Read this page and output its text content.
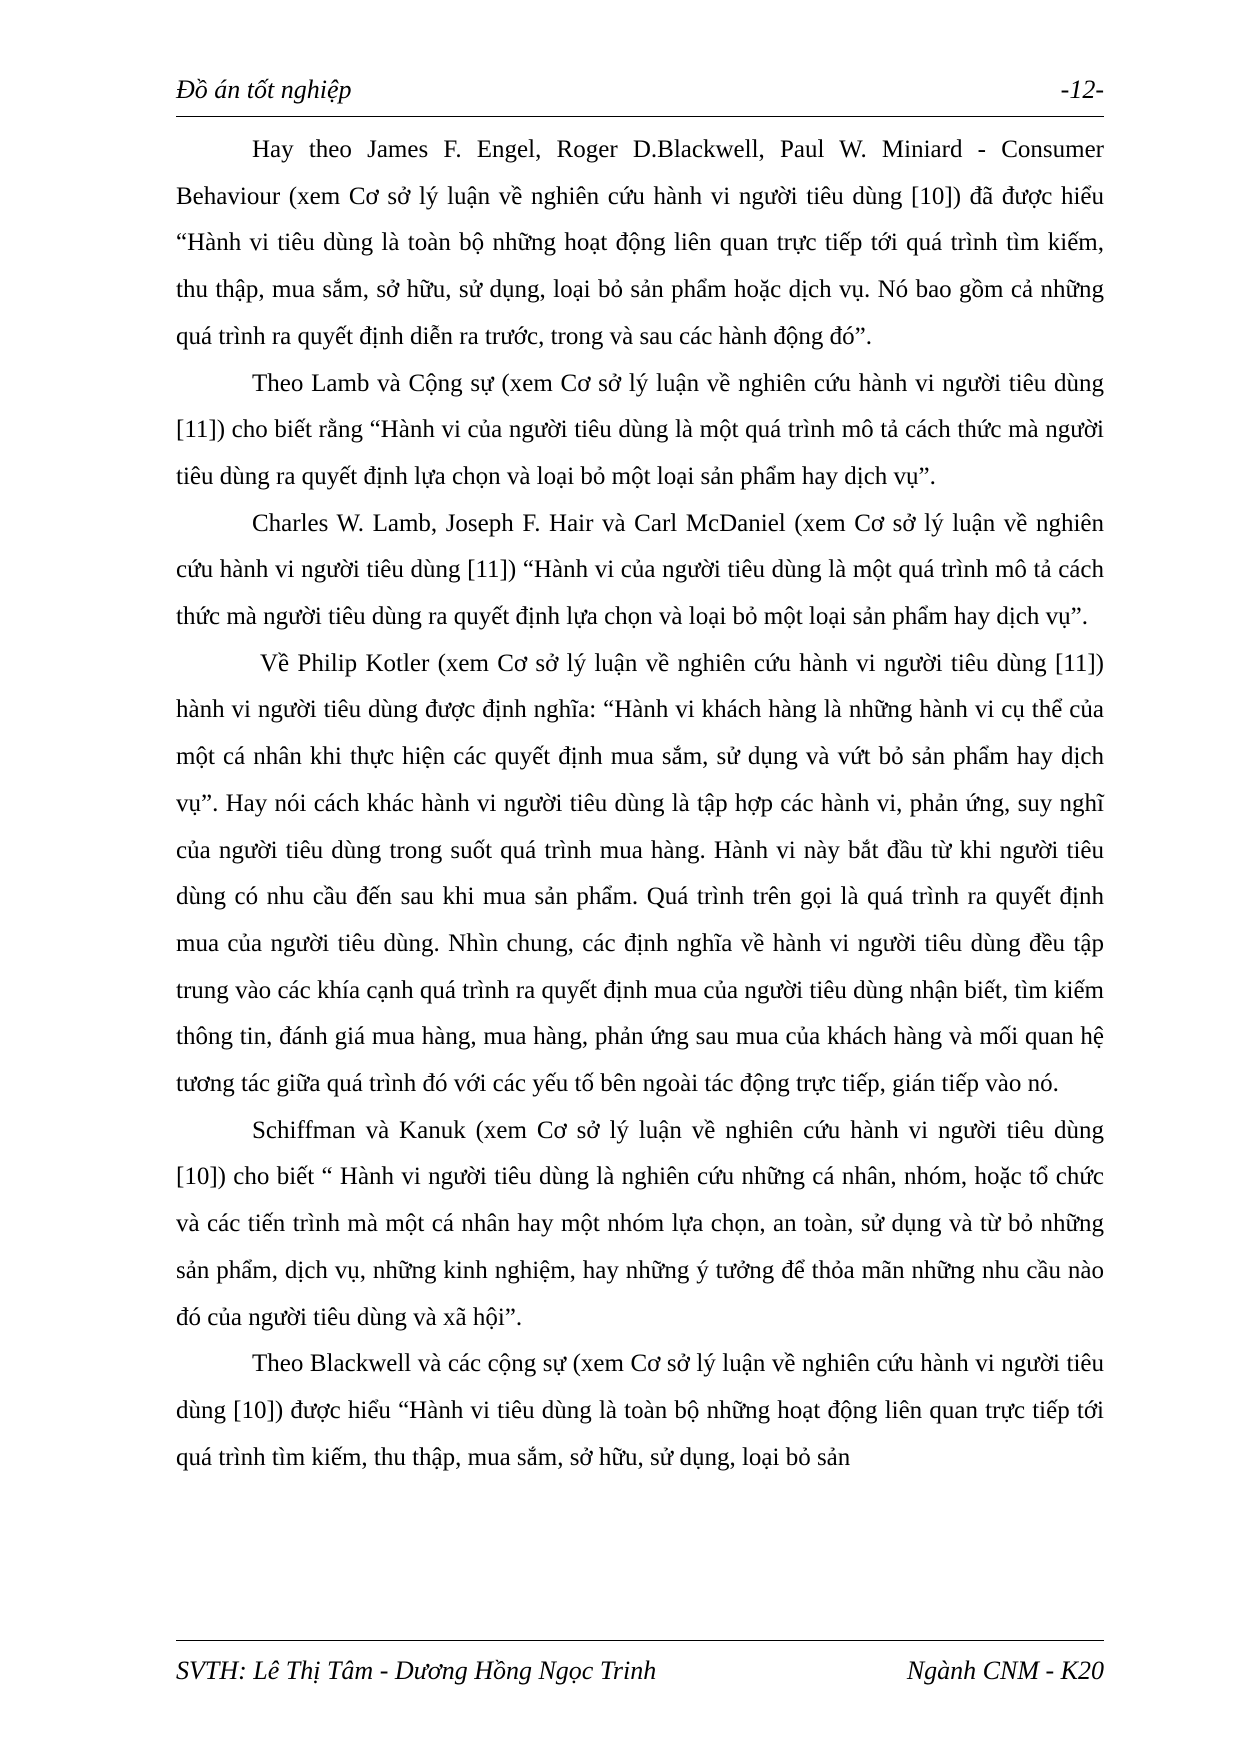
Đồ án tốt nghiệp	-12-

Hay theo James F. Engel, Roger D.Blackwell, Paul W. Miniard - Consumer Behaviour (xem Cơ sở lý luận về nghiên cứu hành vi người tiêu dùng [10]) đã được hiểu “Hành vi tiêu dùng là toàn bộ những hoạt động liên quan trực tiếp tới quá trình tìm kiếm, thu thập, mua sắm, sở hữu, sử dụng, loại bỏ sản phẩm hoặc dịch vụ. Nó bao gồm cả những quá trình ra quyết định diễn ra trước, trong và sau các hành động đó”.

Theo Lamb và Cộng sự (xem Cơ sở lý luận về nghiên cứu hành vi người tiêu dùng [11]) cho biết rằng “Hành vi của người tiêu dùng là một quá trình mô tả cách thức mà người tiêu dùng ra quyết định lựa chọn và loại bỏ một loại sản phẩm hay dịch vụ”.

Charles W. Lamb, Joseph F. Hair và Carl McDaniel (xem Cơ sở lý luận về nghiên cứu hành vi người tiêu dùng [11]) “Hành vi của người tiêu dùng là một quá trình mô tả cách thức mà người tiêu dùng ra quyết định lựa chọn và loại bỏ một loại sản phẩm hay dịch vụ”.

Về Philip Kotler (xem Cơ sở lý luận về nghiên cứu hành vi người tiêu dùng [11]) hành vi người tiêu dùng được định nghĩa: “Hành vi khách hàng là những hành vi cụ thể của một cá nhân khi thực hiện các quyết định mua sắm, sử dụng và vứt bỏ sản phẩm hay dịch vụ”. Hay nói cách khác hành vi người tiêu dùng là tập hợp các hành vi, phản ứng, suy nghĩ của người tiêu dùng trong suốt quá trình mua hàng. Hành vi này bắt đầu từ khi người tiêu dùng có nhu cầu đến sau khi mua sản phẩm. Quá trình trên gọi là quá trình ra quyết định mua của người tiêu dùng. Nhìn chung, các định nghĩa về hành vi người tiêu dùng đều tập trung vào các khía cạnh quá trình ra quyết định mua của người tiêu dùng nhận biết, tìm kiếm thông tin, đánh giá mua hàng, mua hàng, phản ứng sau mua của khách hàng và mối quan hệ tương tác giữa quá trình đó với các yếu tố bên ngoài tác động trực tiếp, gián tiếp vào nó.

Schiffman và Kanuk (xem Cơ sở lý luận về nghiên cứu hành vi người tiêu dùng [10]) cho biết “ Hành vi người tiêu dùng là nghiên cứu những cá nhân, nhóm, hoặc tổ chức và các tiến trình mà một cá nhân hay một nhóm lựa chọn, an toàn, sử dụng và từ bỏ những sản phẩm, dịch vụ, những kinh nghiệm, hay những ý tưởng để thỏa mãn những nhu cầu nào đó của người tiêu dùng và xã hội”.

Theo Blackwell và các cộng sự (xem Cơ sở lý luận về nghiên cứu hành vi người tiêu dùng [10]) được hiểu “Hành vi tiêu dùng là toàn bộ những hoạt động liên quan trực tiếp tới quá trình tìm kiếm, thu thập, mua sắm, sở hữu, sử dụng, loại bỏ sản

SVTH: Lê Thị Tâm - Dương Hồng Ngọc Trinh	Ngành CNM - K20
